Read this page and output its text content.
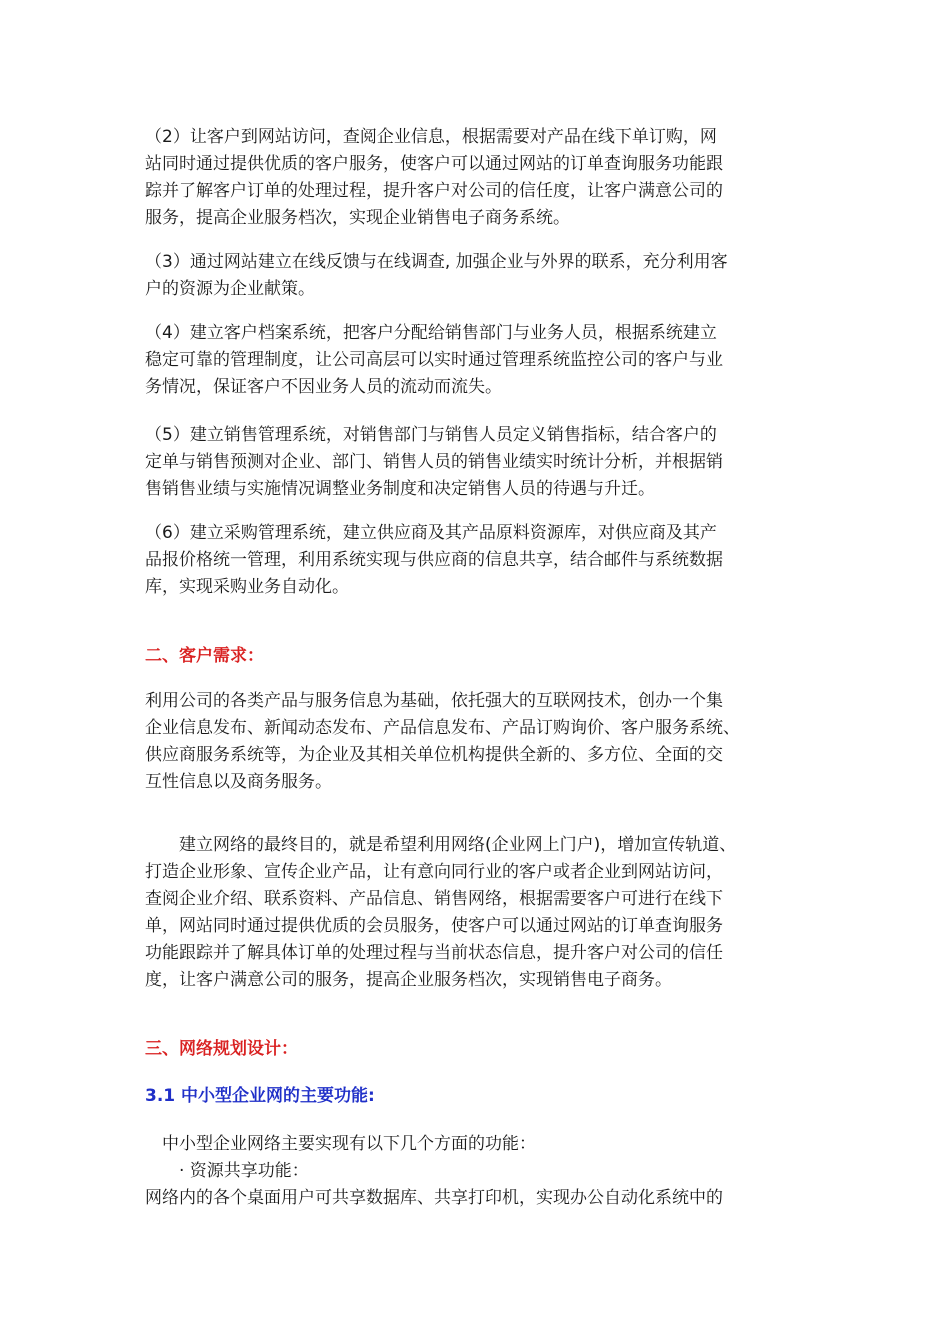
（2）让客户到网站访问，查阅企业信息，根据需要对产品在线下单订购，网
站同时通过提供优质的客户服务，使客户可以通过网站的订单查询服务功能跟
踪并了解客户订单的处理过程，提升客户对公司的信任度，让客户满意公司的
服务，提高企业服务档次，实现企业销售电子商务系统。

（3）通过网站建立在线反馈与在线调查, 加强企业与外界的联系，充分利用客
户的资源为企业献策。

（4）建立客户档案系统，把客户分配给销售部门与业务人员，根据系统建立
稳定可靠的管理制度，让公司高层可以实时通过管理系统监控公司的客户与业
务情况，保证客户不因业务人员的流动而流失。

（5）建立销售管理系统，对销售部门与销售人员定义销售指标，结合客户的
定单与销售预测对企业、部门、销售人员的销售业绩实时统计分析，并根据销
售销售业绩与实施情况调整业务制度和决定销售人员的待遇与升迁。

（6）建立采购管理系统，建立供应商及其产品原料资源库，对供应商及其产
品报价格统一管理，利用系统实现与供应商的信息共享，结合邮件与系统数据
库，实现采购业务自动化。

二、客户需求：

利用公司的各类产品与服务信息为基础，依托强大的互联网技术，创办一个集
企业信息发布、新闻动态发布、产品信息发布、产品订购询价、客户服务系统、
供应商服务系统等，为企业及其相关单位机构提供全新的、多方位、全面的交
互性信息以及商务服务。

　　建立网络的最终目的，就是希望利用网络(企业网上门户)，增加宣传轨道、
打造企业形象、宣传企业产品，让有意向同行业的客户或者企业到网站访问，
查阅企业介绍、联系资料、产品信息、销售网络，根据需要客户可进行在线下
单，网站同时通过提供优质的会员服务，使客户可以通过网站的订单查询服务
功能跟踪并了解具体订单的处理过程与当前状态信息，提升客户对公司的信任
度，让客户满意公司的服务，提高企业服务档次，实现销售电子商务。

三、网络规划设计：
3.1 中小型企业网的主要功能:

　中小型企业网络主要实现有以下几个方面的功能：
　　· 资源共享功能：
网络内的各个桌面用户可共享数据库、共享打印机，实现办公自动化系统中的
